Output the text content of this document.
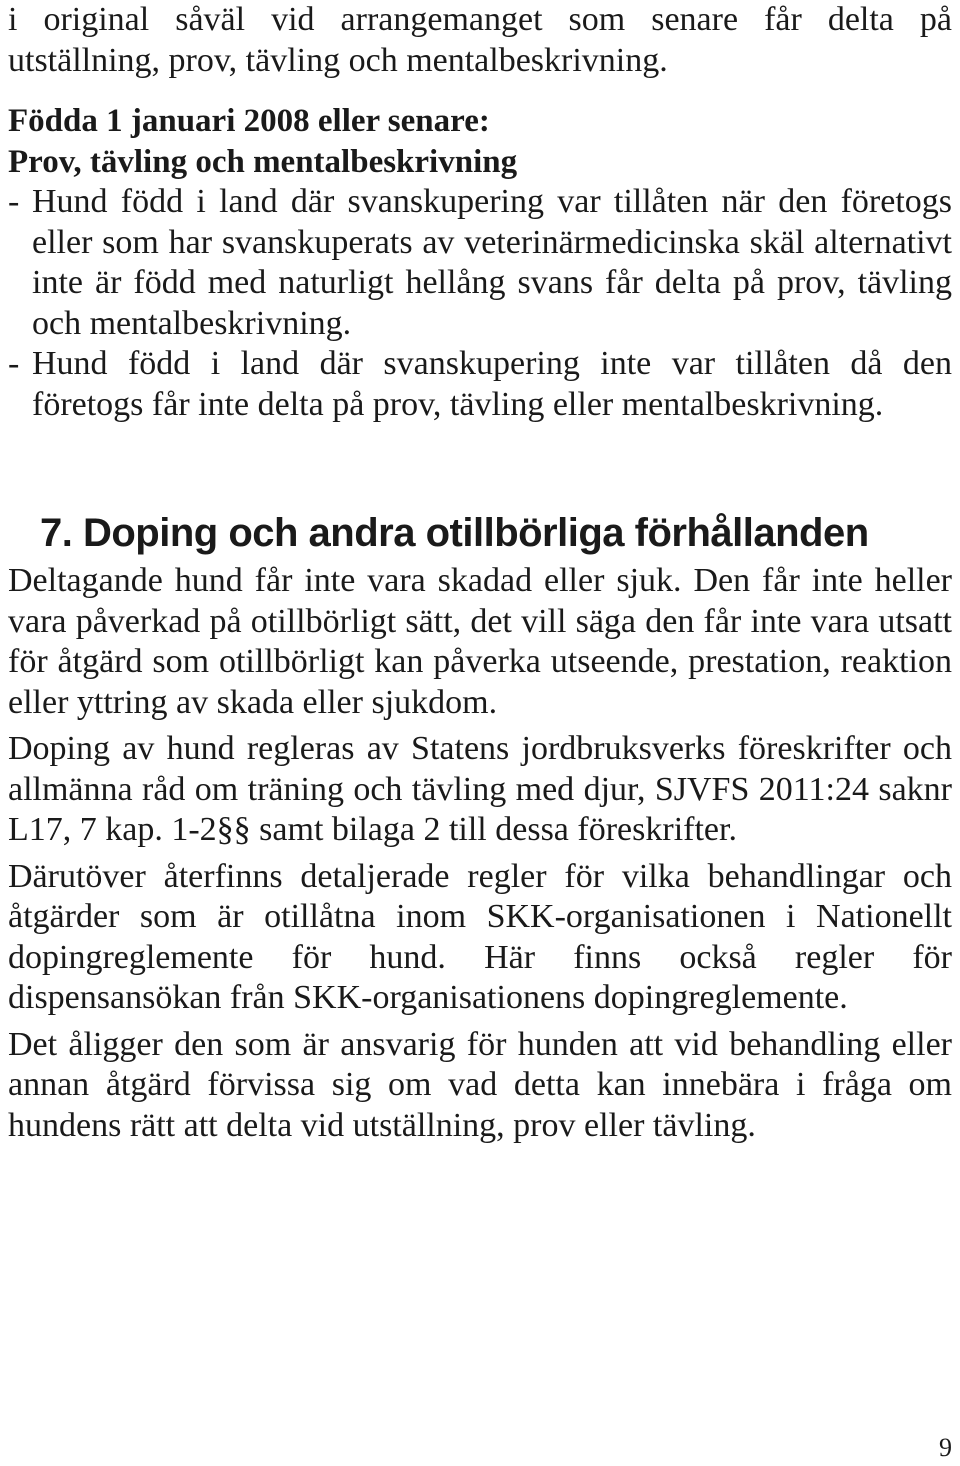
i original såväl vid arrangemanget som senare får delta på utställning, prov, tävling och mentalbeskrivning.

Födda 1 januari 2008 eller senare:

Prov, tävling och mentalbeskrivning

- Hund född i land där svanskupering var tillåten när den företogs eller som har svanskuperats av veterinärmedicinska skäl alternativt inte är född med naturligt hellång svans får delta på prov, tävling och mentalbeskrivning.
- Hund född i land där svanskupering inte var tillåten då den företogs får inte delta på prov, tävling eller mentalbeskrivning.
7. Doping och andra otillbörliga förhållanden

Deltagande hund får inte vara skadad eller sjuk. Den får inte heller vara påverkad på otillbörligt sätt, det vill säga den får inte vara utsatt för åtgärd som otillbörligt kan påverka utseende, prestation, reaktion eller yttring av skada eller sjukdom.

Doping av hund regleras av Statens jordbruksverks föreskrifter och allmänna råd om träning och tävling med djur, SJVFS 2011:24 saknr L17, 7 kap. 1-2§§ samt bilaga 2 till dessa föreskrifter.

Därutöver återfinns detaljerade regler för vilka behandlingar och åtgärder som är otillåtna inom SKK-organisationen i Nationellt dopingreglemente för hund. Här finns också regler för dispensansökan från SKK-organisationens dopingreglemente.

Det åligger den som är ansvarig för hunden att vid behandling eller annan åtgärd förvissa sig om vad detta kan innebära i fråga om hundens rätt att delta vid utställning, prov eller tävling.

9
